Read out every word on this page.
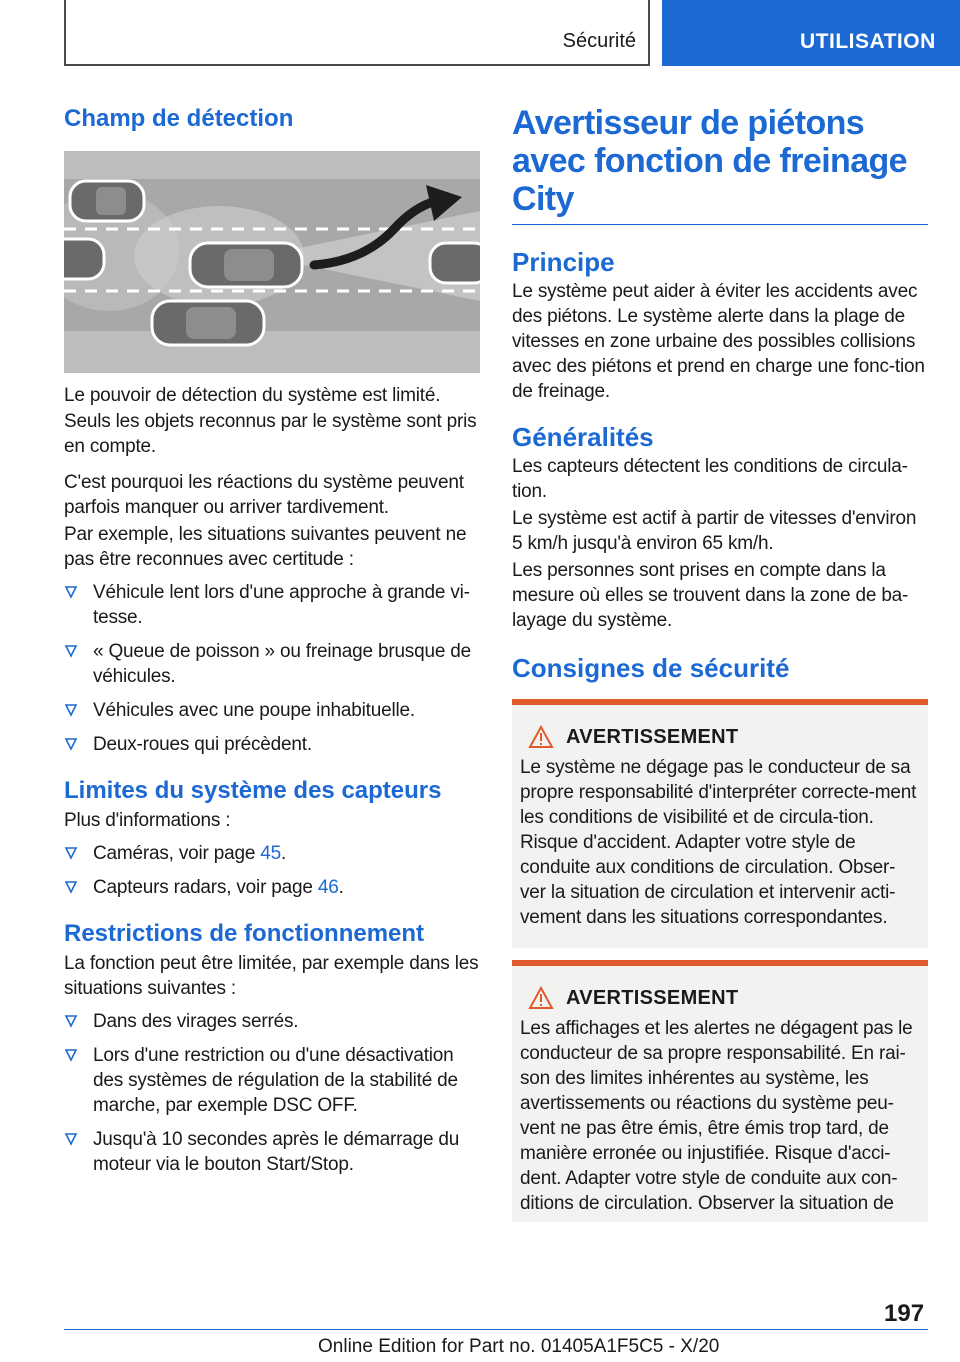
Sécurité	UTILISATION
Champ de détection

Le pouvoir de détection du système est limité.

Seuls les objets reconnus par le système sont pris en compte.

C'est pourquoi les réactions du système peuvent parfois manquer ou arriver tardivement.

Par exemple, les situations suivantes peuvent ne pas être reconnues avec certitude :

Véhicule lent lors d'une approche à grande vi-tesse.
« Queue de poisson » ou freinage brusque de véhicules.
Véhicules avec une poupe inhabituelle.
Deux-roues qui précèdent.
Limites du système des capteurs

Plus d'informations :

Caméras, voir page 45.
Capteurs radars, voir page 46.
Restrictions de fonctionnement

La fonction peut être limitée, par exemple dans les situations suivantes :

Dans des virages serrés.
Lors d'une restriction ou d'une désactivation des systèmes de régulation de la stabilité de marche, par exemple DSC OFF.
Jusqu'à 10 secondes après le démarrage du moteur via le bouton Start/Stop.
Avertisseur de piétons avec fonction de freinage City
Principe

Le système peut aider à éviter les accidents avec des piétons. Le système alerte dans la plage de vitesses en zone urbaine des possibles collisions avec des piétons et prend en charge une fonc-tion de freinage.

Généralités

Les capteurs détectent les conditions de circula-tion.

Le système est actif à partir de vitesses d'environ 5 km/h jusqu'à environ 65 km/h.

Les personnes sont prises en compte dans la mesure où elles se trouvent dans la zone de ba-layage du système.

Consignes de sécurité
AVERTISSEMENT

Le système ne dégage pas le conducteur de sa propre responsabilité d'interpréter correcte-ment les conditions de visibilité et de circula-tion. Risque d'accident. Adapter votre style de conduite aux conditions de circulation. Obser-ver la situation de circulation et intervenir acti-vement dans les situations correspondantes.

AVERTISSEMENT

Les affichages et les alertes ne dégagent pas le conducteur de sa propre responsabilité. En rai-son des limites inhérentes au système, les avertissements ou réactions du système peu-vent ne pas être émis, être émis trop tard, de manière erronée ou injustifiée. Risque d'acci-dent. Adapter votre style de conduite aux con-ditions de circulation. Observer la situation de

197
Online Edition for Part no. 01405A1F5C5 - X/20
